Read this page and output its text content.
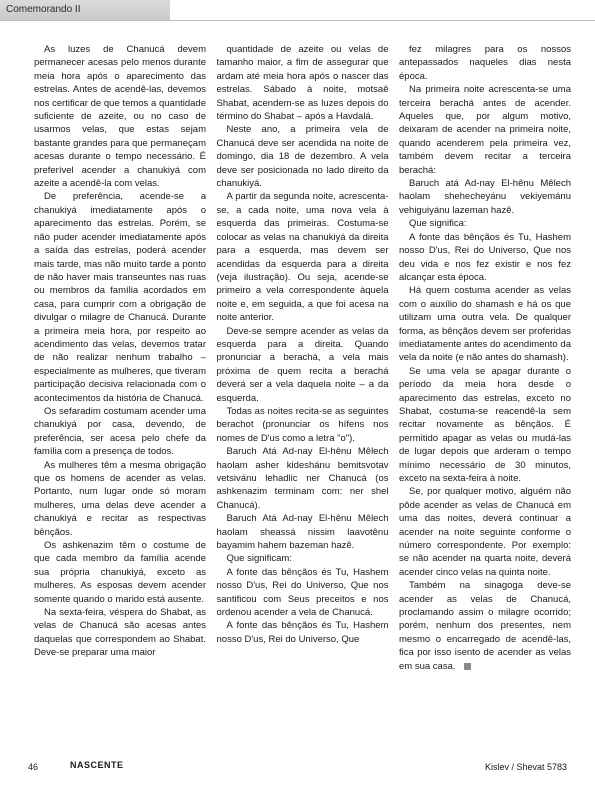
Comemorando II

As luzes de Chanucá devem permanecer acesas pelo menos durante meia hora após o aparecimento das estrelas. Antes de acendê-las, devemos nos certificar de que temos a quantidade suficiente de azeite, ou no caso de usarmos velas, que estas sejam bastante grandes para que permaneçam acesas durante o tempo necessário. É preferível acender a chanukiyá com azeite a acendê-la com velas.

De preferência, acende-se a chanukiyá imediatamente após o aparecimento das estrelas. Porém, se não puder acender imediatamente após a saída das estrelas, poderá acender mais tarde, mas não muito tarde a ponto de não haver mais transeuntes nas ruas ou membros da família acordados em casa, para cumprir com a obrigação de divulgar o milagre de Chanucá. Durante a primeira meia hora, por respeito ao acendimento das velas, devemos tratar de não realizar nenhum trabalho – especialmente as mulheres, que tiveram participação decisiva relacionada com o acontecimentos da história de Chanucá.

Os sefaradim costumam acender uma chanukiyá por casa, devendo, de preferência, ser acesa pelo chefe da família com a presença de todos.

As mulheres têm a mesma obrigação que os homens de acender as velas. Portanto, num lugar onde só moram mulheres, uma delas deve acender a chanukiyá e recitar as respectivas bênçãos.

Os ashkenazim têm o costume de que cada membro da família acende sua própria chanukiyá, exceto as mulheres. As esposas devem acender somente quando o marido está ausente.

Na sexta-feira, véspera do Shabat, as velas de Chanucá são acesas antes daquelas que correspondem ao Shabat. Deve-se preparar uma maior

quantidade de azeite ou velas de tamanho maior, a fim de assegurar que ardam até meia hora após o nascer das estrelas. Sábado à noite, motsaê Shabat, acendem-se as luzes depois do término do Shabat – após a Havdalá.

Neste ano, a primeira vela de Chanucá deve ser acendida na noite de domingo, dia 18 de dezembro. A vela deve ser posicionada no lado direito da chanukiyá.

A partir da segunda noite, acrescenta-se, a cada noite, uma nova vela à esquerda das primeiras. Costuma-se colocar as velas na chanukiyá da direita para a esquerda, mas devem ser acendidas da esquerda para a direita (veja ilustração). Ou seja, acende-se primeiro a vela correspondente àquela noite e, em seguida, a que foi acesa na noite anterior.

Deve-se sempre acender as velas da esquerda para a direita. Quando pronunciar a berachá, a vela mais próxima de quem recita a berachá deverá ser a vela daquela noite – a da esquerda.

Todas as noites recita-se as seguintes berachot (pronunciar os hífens nos nomes de D'us como a letra "o").

Baruch Atá Ad-nay El-hênu Mêlech haolam asher kideshánu bemitsvotav vetsivánu lehadlic ner Chanucá (os ashkenazim terminam com: ner shel Chanucá).

Baruch Atá Ad-nay El-hênu Mêlech haolam sheassá nissim laavotênu bayamim hahem bazeman hazê.

Que significam:

A fonte das bênçãos és Tu, Hashem nosso D'us, Rei do Universo, Que nos santificou com Seus preceitos e nos ordenou acender a vela de Chanucá.

A fonte das bênçãos és Tu, Hashem nosso D'us, Rei do Universo, Que

fez milagres para os nossos antepassados naqueles dias nesta época.

Na primeira noite acrescenta-se uma terceira berachá antes de acender. Aqueles que, por algum motivo, deixaram de acender na primeira noite, quando acenderem pela primeira vez, também devem recitar a terceira berachá:

Baruch atá Ad-nay El-hênu Mêlech haolam shehecheyánu vekiyemánu vehiguiyánu lazeman hazê.

Que significa:

A fonte das bênçãos és Tu, Hashem nosso D'us, Rei do Universo, Que nos deu vida e nos fez existir e nos fez alcançar esta época.

Há quem costuma acender as velas com o auxílio do shamash e há os que utilizam uma outra vela. De qualquer forma, as bênçãos devem ser proferidas imediatamente antes do acendimento da vela da noite (e não antes do shamash).

Se uma vela se apagar durante o período da meia hora desde o aparecimento das estrelas, exceto no Shabat, costuma-se reacendê-la sem recitar novamente as bênçãos. É permitido apagar as velas ou mudá-las de lugar depois que arderam o tempo mínimo necessário de 30 minutos, exceto na sexta-feira à noite.

Se, por qualquer motivo, alguém não pôde acender as velas de Chanucá em uma das noites, deverá continuar a acender na noite seguinte conforme o número correspondente. Por exemplo: se não acender na quarta noite, deverá acender cinco velas na quinta noite.

Também na sinagoga deve-se acender as velas de Chanucá, proclamando assim o milagre ocorrido; porém, nenhum dos presentes, nem mesmo o encarregado de acendê-las, fica por isso isento de acender as velas em sua casa.

46	NASCENTE	Kislev / Shevat 5783
